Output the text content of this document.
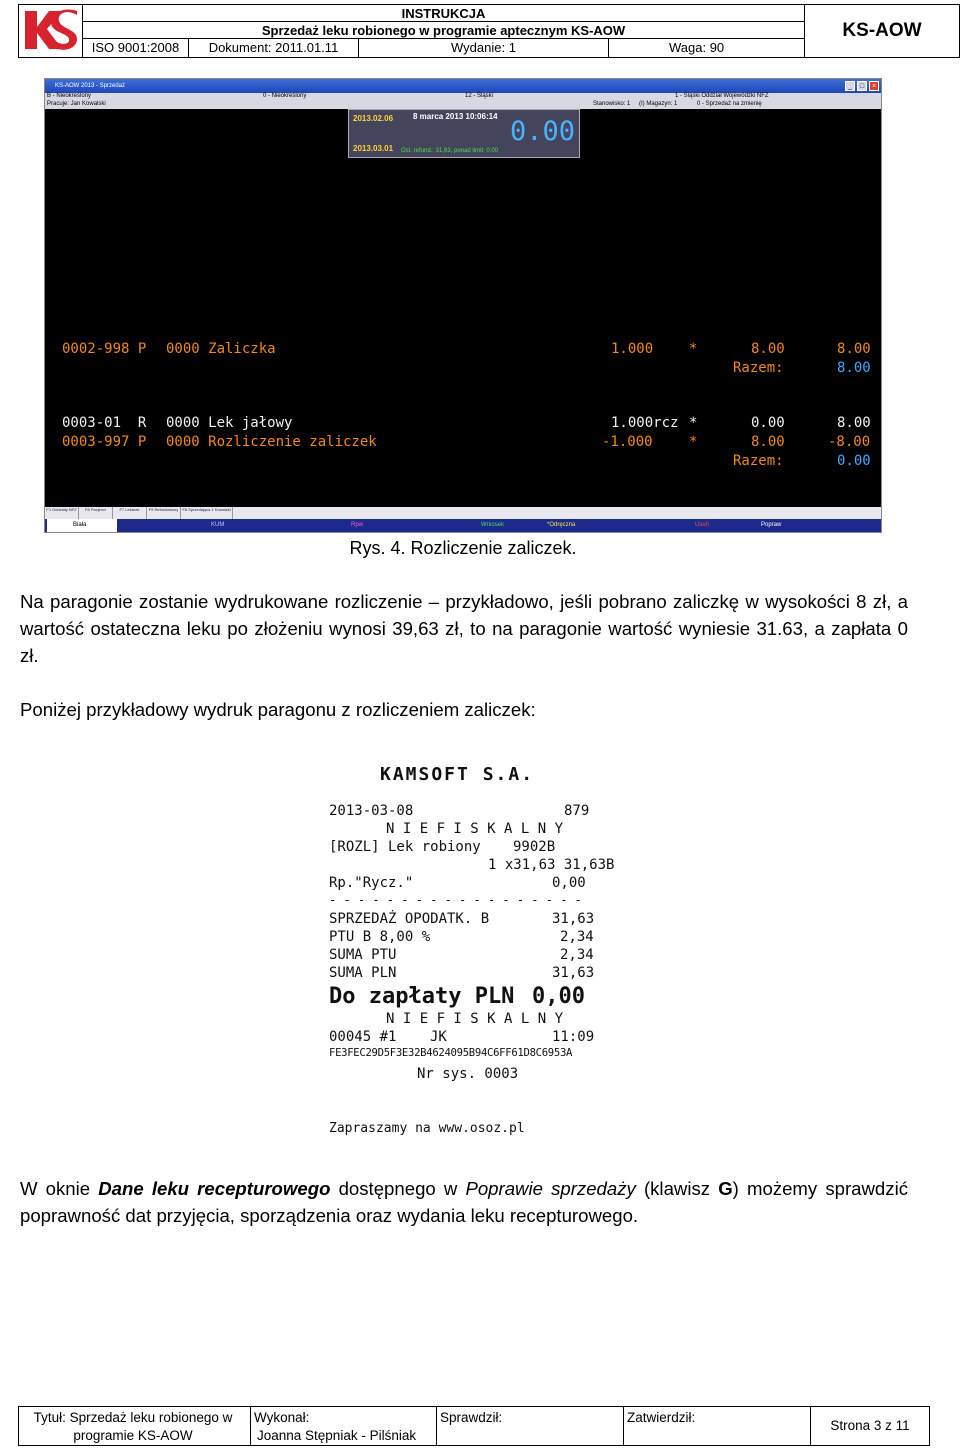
INSTRUKCJA
Sprzedaż leku robionego w programie aptecznym KS-AOW
ISO 9001:2008	Dokument: 2011.01.11	Wydanie: 1	Waga: 90
KS-AOW
KS-AOW 2013 - Sprzedaż	_	□	×
B - Nieokreślony	0 - Nieokreślony	12 - Śląski	1 - Śląski Oddział Wojewódzki NFZ
Pracuje: Jan Kowalski	Stanowisko: 1 (I) Magazyn: 1	0 - Sprzedaż na zmienię
2013.02.06
2013.03.01
8 marca 2013 10:06:14 0.00
Ost. refund.: 31,63, ponad limit: 0.00
0002-998 P 0000 Zaliczka	1.000	*	8.00	8.00
Razem:	8.00
0003-01  R 0000 Lek jałowy	1.000rcz *	0.00	8.00
0003-997 P 0000 Rozliczenie zaliczek	-1.000	*	8.00	-8.00
Razem:	0.00
F1 Oddziały NFZ	F6 Pacjenci	F7 Lekarze	F9 Refundatorzy	F8 Sprzedająca 1 Kowalski
Biała	KUM	Rpw	Wniosek	*Odręczna	Usuń	Popraw
Rys. 4. Rozliczenie zaliczek.
Na paragonie zostanie wydrukowane rozliczenie – przykładowo, jeśli pobrano zaliczkę w wysokości 8 zł, a wartość ostateczna leku po złożeniu wynosi 39,63 zł, to na paragonie wartość wyniesie 31.63, a zapłata 0 zł.
Poniżej przykładowy wydruk paragonu z rozliczeniem zaliczek:
KAMSOFT S.A.
2013-03-08	879
N I E F I S K A L N Y
[ROZL] Lek robiony 9902B
1 x31,63 31,63B
Rp."Rycz."	0,00
- - - - - - - - - - - - - - - - - -
SPRZEDAŻ OPODATK. B	31,63
PTU B 8,00 %	2,34
SUMA PTU	2,34
SUMA PLN	31,63
Do zapłaty PLN 0,00
N I E F I S K A L N Y
00045 #1 JK	11:09
FE3FEC29D5F3E32B4624095B94C6FF61D8C6953A
Nr sys. 0003
Zapraszamy na www.osoz.pl
W oknie Dane leku recepturowego dostępnego w Poprawie sprzedaży (klawisz G) możemy sprawdzić poprawność dat przyjęcia, sporządzenia oraz wydania leku recepturowego.
Tytuł: Sprzedaż leku robionego w
programie KS-AOW
Wykonał:
Joanna Stępniak - Pilśniak
Sprawdził:	Zatwierdził:
Strona 3 z 11
